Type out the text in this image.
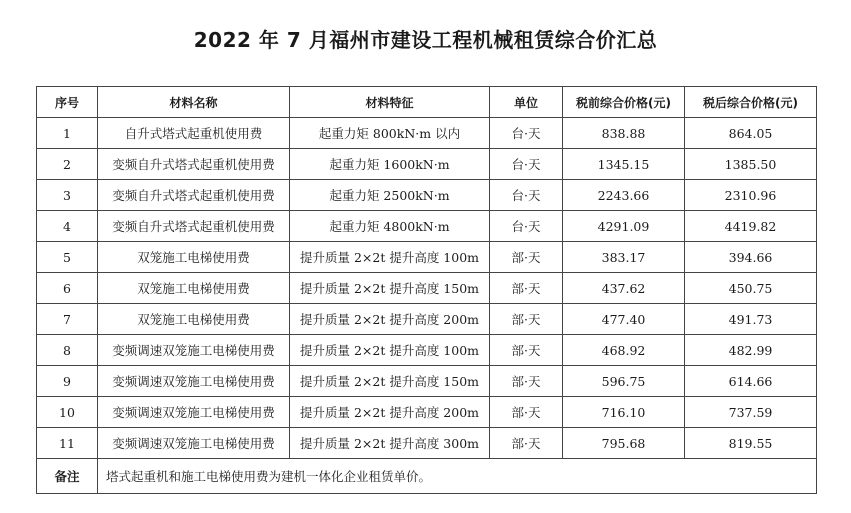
2022 年 7 月福州市建设工程机械租赁综合价汇总
序号	材料名称	材料特征	单位	税前综合价格(元)	税后综合价格(元)
1	自升式塔式起重机使用费	起重力矩 800kN·m 以内	台·天	838.88	864.05
2	变频自升式塔式起重机使用费	起重力矩 1600kN·m	台·天	1345.15	1385.50
3	变频自升式塔式起重机使用费	起重力矩 2500kN·m	台·天	2243.66	2310.96
4	变频自升式塔式起重机使用费	起重力矩 4800kN·m	台·天	4291.09	4419.82
5	双笼施工电梯使用费	提升质量 2×2t 提升高度 100m	部·天	383.17	394.66
6	双笼施工电梯使用费	提升质量 2×2t 提升高度 150m	部·天	437.62	450.75
7	双笼施工电梯使用费	提升质量 2×2t 提升高度 200m	部·天	477.40	491.73
8	变频调速双笼施工电梯使用费	提升质量 2×2t 提升高度 100m	部·天	468.92	482.99
9	变频调速双笼施工电梯使用费	提升质量 2×2t 提升高度 150m	部·天	596.75	614.66
10	变频调速双笼施工电梯使用费	提升质量 2×2t 提升高度 200m	部·天	716.10	737.59
11	变频调速双笼施工电梯使用费	提升质量 2×2t 提升高度 300m	部·天	795.68	819.55
备注	塔式起重机和施工电梯使用费为建机一体化企业租赁单价。				
